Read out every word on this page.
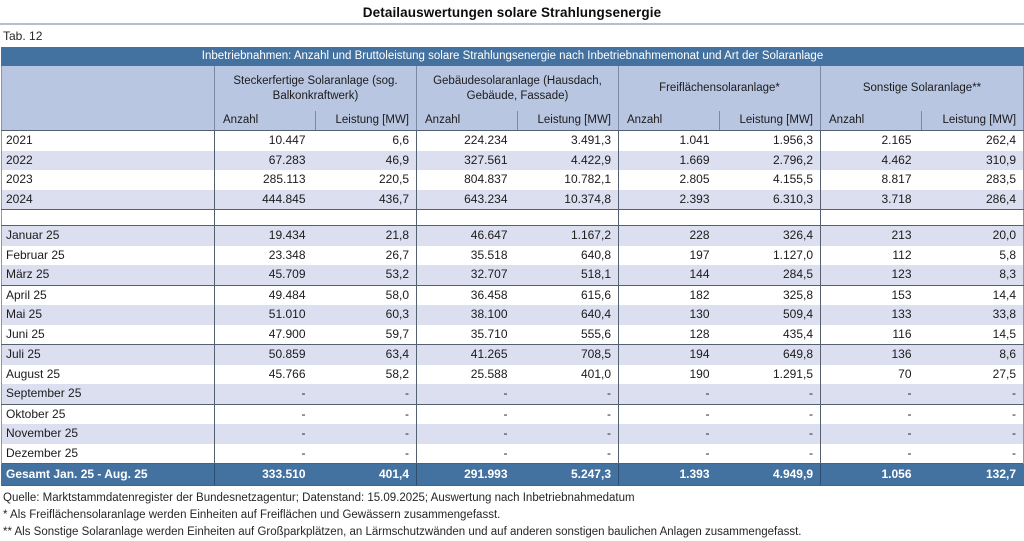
Detailauswertungen solare Strahlungsenergie
Tab. 12
Inbetriebnahmen: Anzahl und Bruttoleistung solare Strahlungsenergie nach Inbetriebnahmemonat und Art der Solaranlage								
	Steckerfertige Solaranlage (sog. Balkonkraftwerk)		Gebäudesolaranlage (Hausdach, Gebäude, Fassade)		Freiflächensolaranlage*		Sonstige Solaranlage**	
	Anzahl	Leistung [MW]	Anzahl	Leistung [MW]	Anzahl	Leistung [MW]	Anzahl	Leistung [MW]
2021	10.447	6,6	224.234	3.491,3	1.041	1.956,3	2.165	262,4
2022	67.283	46,9	327.561	4.422,9	1.669	2.796,2	4.462	310,9
2023	285.113	220,5	804.837	10.782,1	2.805	4.155,5	8.817	283,5
2024	444.845	436,7	643.234	10.374,8	2.393	6.310,3	3.718	286,4

Januar 25	19.434	21,8	46.647	1.167,2	228	326,4	213	20,0
Februar 25	23.348	26,7	35.518	640,8	197	1.127,0	112	5,8
März 25	45.709	53,2	32.707	518,1	144	284,5	123	8,3
April 25	49.484	58,0	36.458	615,6	182	325,8	153	14,4
Mai 25	51.010	60,3	38.100	640,4	130	509,4	133	33,8
Juni 25	47.900	59,7	35.710	555,6	128	435,4	116	14,5
Juli 25	50.859	63,4	41.265	708,5	194	649,8	136	8,6
August 25	45.766	58,2	25.588	401,0	190	1.291,5	70	27,5
September 25	-	-	-	-	-	-	-	-
Oktober 25	-	-	-	-	-	-	-	-
November 25	-	-	-	-	-	-	-	-
Dezember 25	-	-	-	-	-	-	-	-
Gesamt Jan. 25 - Aug. 25	333.510	401,4	291.993	5.247,3	1.393	4.949,9	1.056	132,7
Quelle: Marktstammdatenregister der Bundesnetzagentur; Datenstand: 15.09.2025; Auswertung nach Inbetriebnahmedatum
* Als Freiflächensolaranlage werden Einheiten auf Freiflächen und Gewässern zusammengefasst.
** Als Sonstige Solaranlage werden Einheiten auf Großparkplätzen, an Lärmschutzwänden und auf anderen sonstigen baulichen Anlagen zusammengefasst.
